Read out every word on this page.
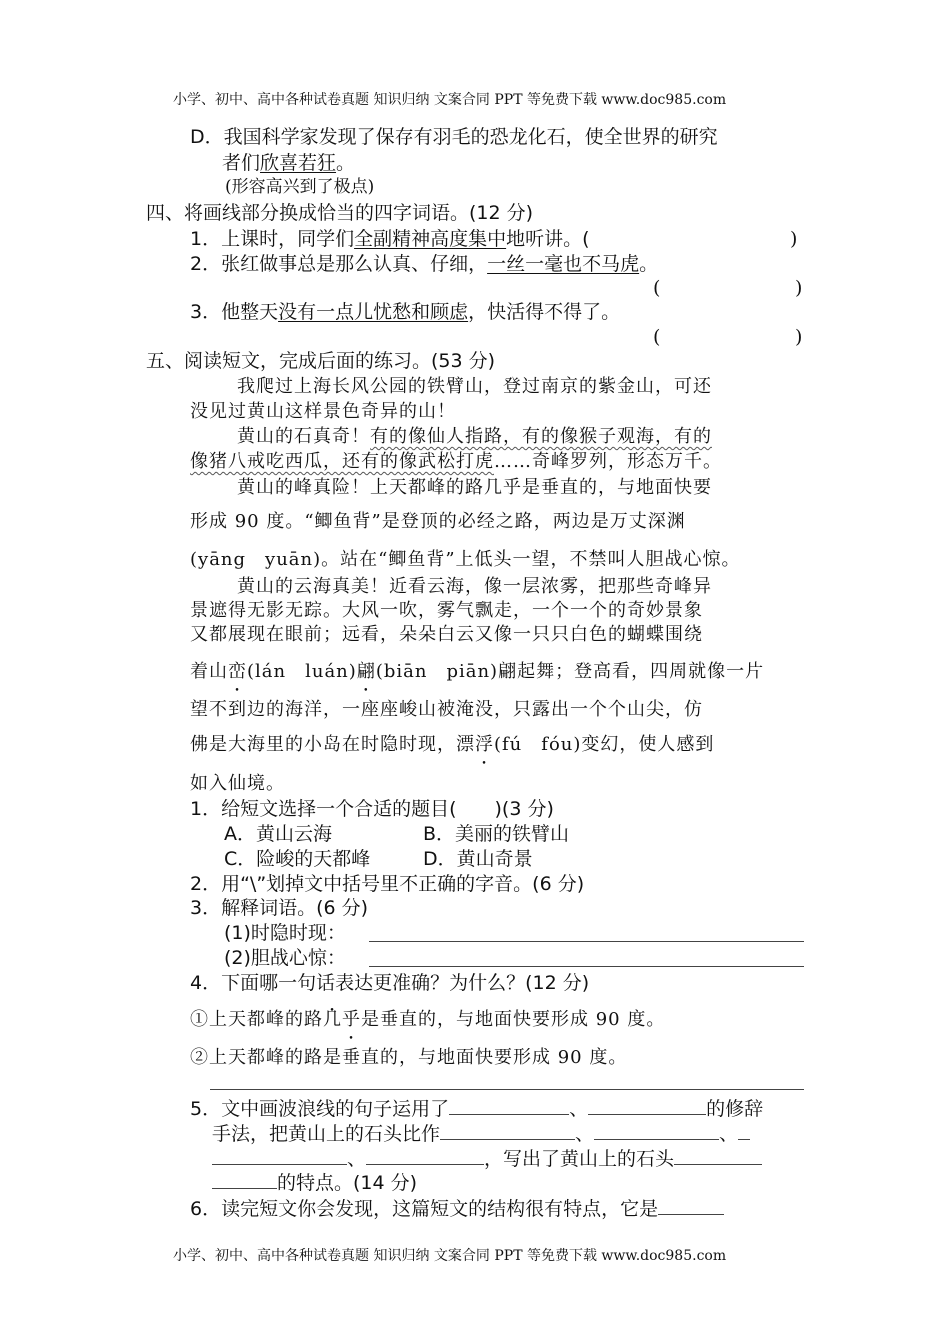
小学、初中、高中各种试卷真题 知识归纳 文案合同 PPT 等免费下载 www.doc985.com
D．我国科学家发现了保存有羽毛的恐龙化石，使全世界的研究
者们欣喜若狂。
(形容高兴到了极点)
四、将画线部分换成恰当的四字词语。(12 分)
1．上课时，同学们全副精神高度集中地听讲。(	)
2．张红做事总是那么认真、仔细，一丝一毫也不马虎。
(	)
3．他整天没有一点儿忧愁和顾虑，快活得不得了。
(	)
五、阅读短文，完成后面的练习。(53 分)
我爬过上海长风公园的铁臂山，登过南京的紫金山，可还
没见过黄山这样景色奇异的山！
黄山的石真奇！有的像仙人指路，有的像猴子观海，有的
像猪八戒吃西瓜，还有的像武松打虎……奇峰罗列，形态万千。
黄山的峰真险！上天都峰的路几乎是垂直的，与地面快要
形成 90 度。“鲫鱼背”是登顶的必经之路，两边是万丈深渊
(yāng　yuān)。站在“鲫鱼背”上低头一望，不禁叫人胆战心惊。
黄山的云海真美！近看云海，像一层浓雾，把那些奇峰异
景遮得无影无踪。大风一吹，雾气飘走，一个一个的奇妙景象
又都展现在眼前；远看，朵朵白云又像一只只白色的蝴蝶围绕
着山峦(lán　luán)翩(biān　piān)翩起舞；登高看，四周就像一片
望不到边的海洋，一座座峻山被淹没，只露出一个个山尖，仿
佛是大海里的小岛在时隐时现，漂浮(fú　fóu)变幻，使人感到
如入仙境。
1．给短文选择一个合适的题目(　　)(3 分)
A．黄山云海	B．美丽的铁臂山
C．险峻的天都峰	D．黄山奇景
2．用“\”划掉文中括号里不正确的字音。(6 分)
3．解释词语。(6 分)
(1)时隐时现：
(2)胆战心惊：
4．下面哪一句话表达更准确？为什么？(12 分)
①上天都峰的路几乎是垂直的，与地面快要形成 90 度。
②上天都峰的路是垂直的，与地面快要形成 90 度。
5．文中画波浪线的句子运用了	、	的修辞
手法，把黄山上的石头比作	、	、
、	，写出了黄山上的石头
的特点。(14 分)
6．读完短文你会发现，这篇短文的结构很有特点，它是
小学、初中、高中各种试卷真题 知识归纳 文案合同 PPT 等免费下载 www.doc985.com
